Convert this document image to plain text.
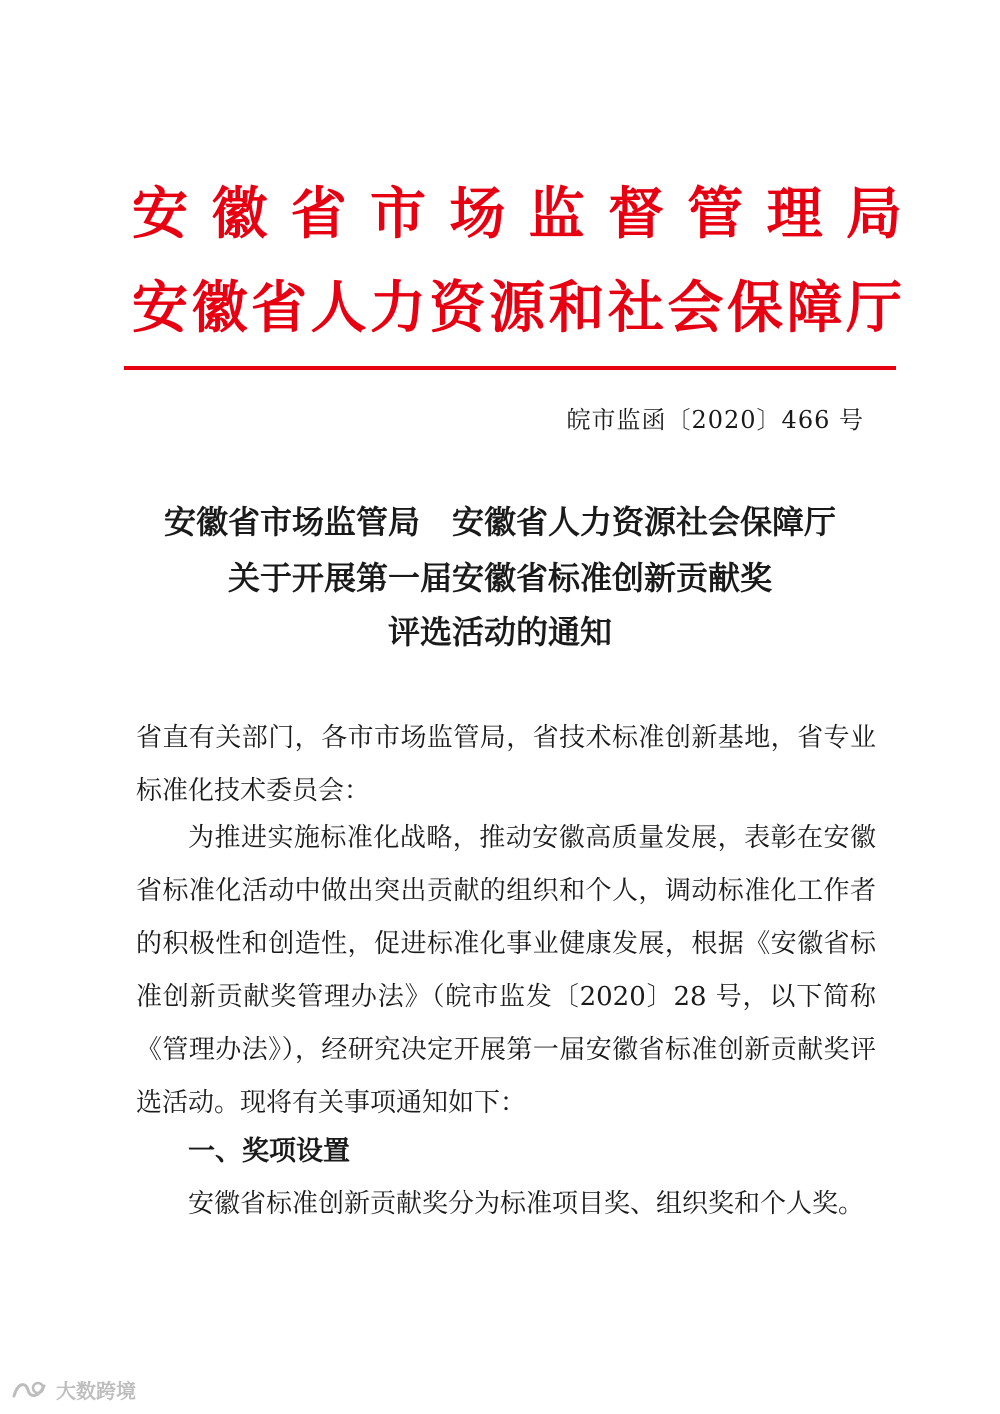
安 徽 省 市 场 监 督 管 理 局
安 徽 省 人 力 资 源 和 社 会 保 障 厅
皖市监函〔2020〕466 号
安徽省市场监管局　安徽省人力资源社会保障厅
关于开展第一届安徽省标准创新贡献奖
评选活动的通知
省直有关部门，各市市场监管局，省技术标准创新基地，省专业标准化技术委员会：
为推进实施标准化战略，推动安徽高质量发展，表彰在安徽省标准化活动中做出突出贡献的组织和个人，调动标准化工作者的积极性和创造性，促进标准化事业健康发展，根据《安徽省标准创新贡献奖管理办法》（皖市监发〔2020〕28 号，以下简称《管理办法》），经研究决定开展第一届安徽省标准创新贡献奖评选活动。现将有关事项通知如下：
一、奖项设置
安徽省标准创新贡献奖分为标准项目奖、组织奖和个人奖。
大数跨境
